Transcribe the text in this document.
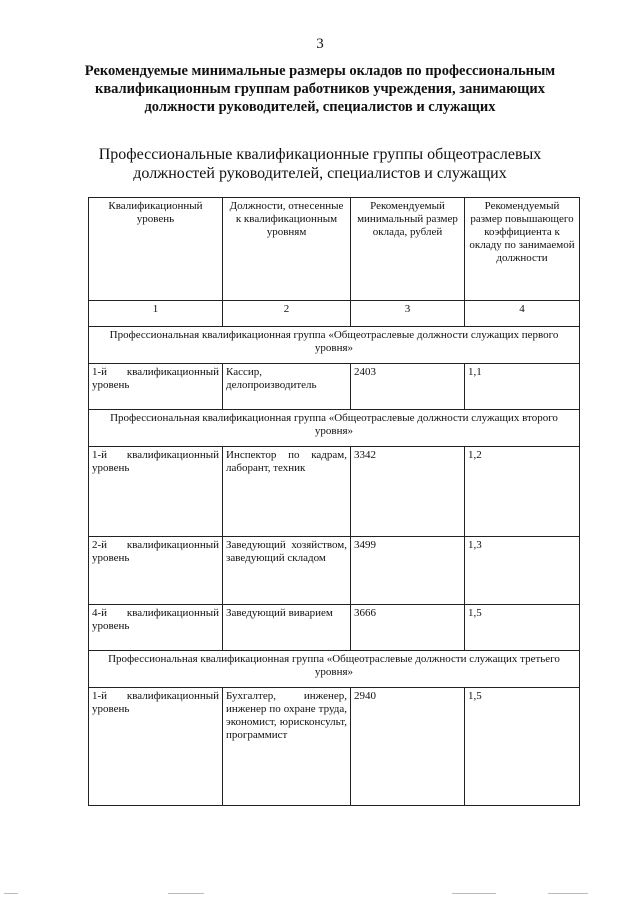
3
Рекомендуемые минимальные размеры окладов по профессиональным квалификационным группам работников учреждения, занимающих должности руководителей, специалистов и служащих
Профессиональные квалификационные группы общеотраслевых должностей руководителей, специалистов и служащих
Квалификационный уровень	Должности, отнесенные к квалификационным уровням	Рекомендуемый минимальный размер оклада, рублей	Рекомендуемый размер повышающего коэффициента к окладу по занимаемой должности
1	2	3	4
Профессиональная квалификационная группа «Общеотраслевые должности служащих первого уровня»			
1-й квалификационный уровень	Кассир, делопроизводитель	2403	1,1
Профессиональная квалификационная группа «Общеотраслевые должности служащих второго уровня»			
1-й квалификационный уровень	Инспектор по кадрам, лаборант, техник	3342	1,2
2-й квалификационный уровень	Заведующий хозяйством, заведующий складом	3499	1,3
4-й квалификационный уровень	Заведующий виварием	3666	1,5
Профессиональная квалификационная группа «Общеотраслевые должности служащих третьего уровня»			
1-й квалификационный уровень	Бухгалтер, инженер, инженер по охране труда, экономист, юрисконсульт, программист	2940	1,5
